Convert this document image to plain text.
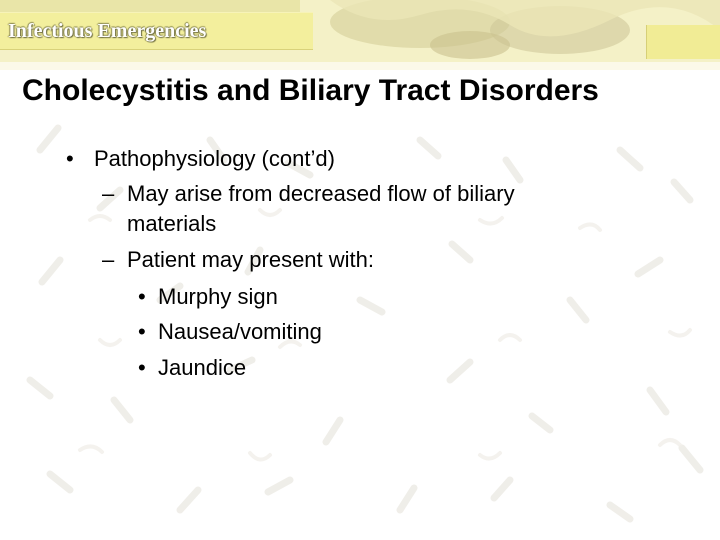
Infectious Emergencies
Cholecystitis and Biliary Tract Disorders
• Pathophysiology (cont’d)
– May arise from decreased flow of biliary
materials
– Patient may present with:
• Murphy sign
• Nausea/vomiting
• Jaundice
